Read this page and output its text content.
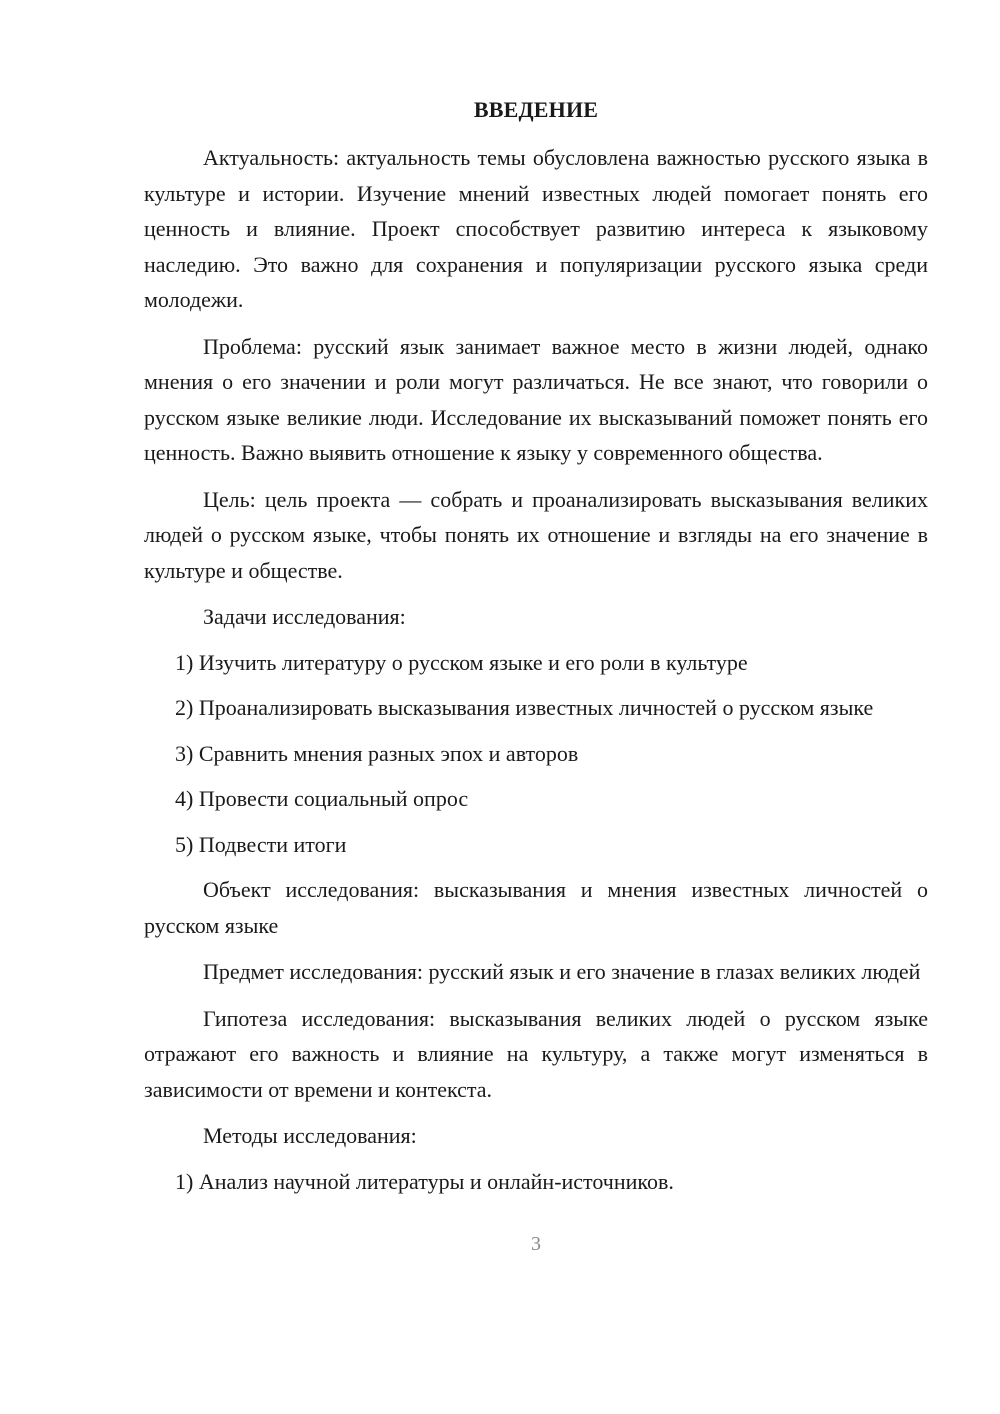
ВВЕДЕНИЕ

Актуальность: актуальность темы обусловлена важностью русского языка в культуре и истории. Изучение мнений известных людей помогает понять его ценность и влияние. Проект способствует развитию интереса к языковому наследию. Это важно для сохранения и популяризации русского языка среди молодежи.

Проблема: русский язык занимает важное место в жизни людей, однако мнения о его значении и роли могут различаться. Не все знают, что говорили о русском языке великие люди. Исследование их высказываний поможет понять его ценность. Важно выявить отношение к языку у современного общества.

Цель: цель проекта — собрать и проанализировать высказывания великих людей о русском языке, чтобы понять их отношение и взгляды на его значение в культуре и обществе.

Задачи исследования:

1) Изучить литературу о русском языке и его роли в культуре

2) Проанализировать высказывания известных личностей о русском языке

3) Сравнить мнения разных эпох и авторов

4) Провести социальный опрос

5) Подвести итоги

Объект исследования: высказывания и мнения известных личностей о русском языке

Предмет исследования: русский язык и его значение в глазах великих людей

Гипотеза исследования: высказывания великих людей о русском языке отражают его важность и влияние на культуру, а также могут изменяться в зависимости от времени и контекста.

Методы исследования:

1) Анализ научной литературы и онлайн-источников.

3
